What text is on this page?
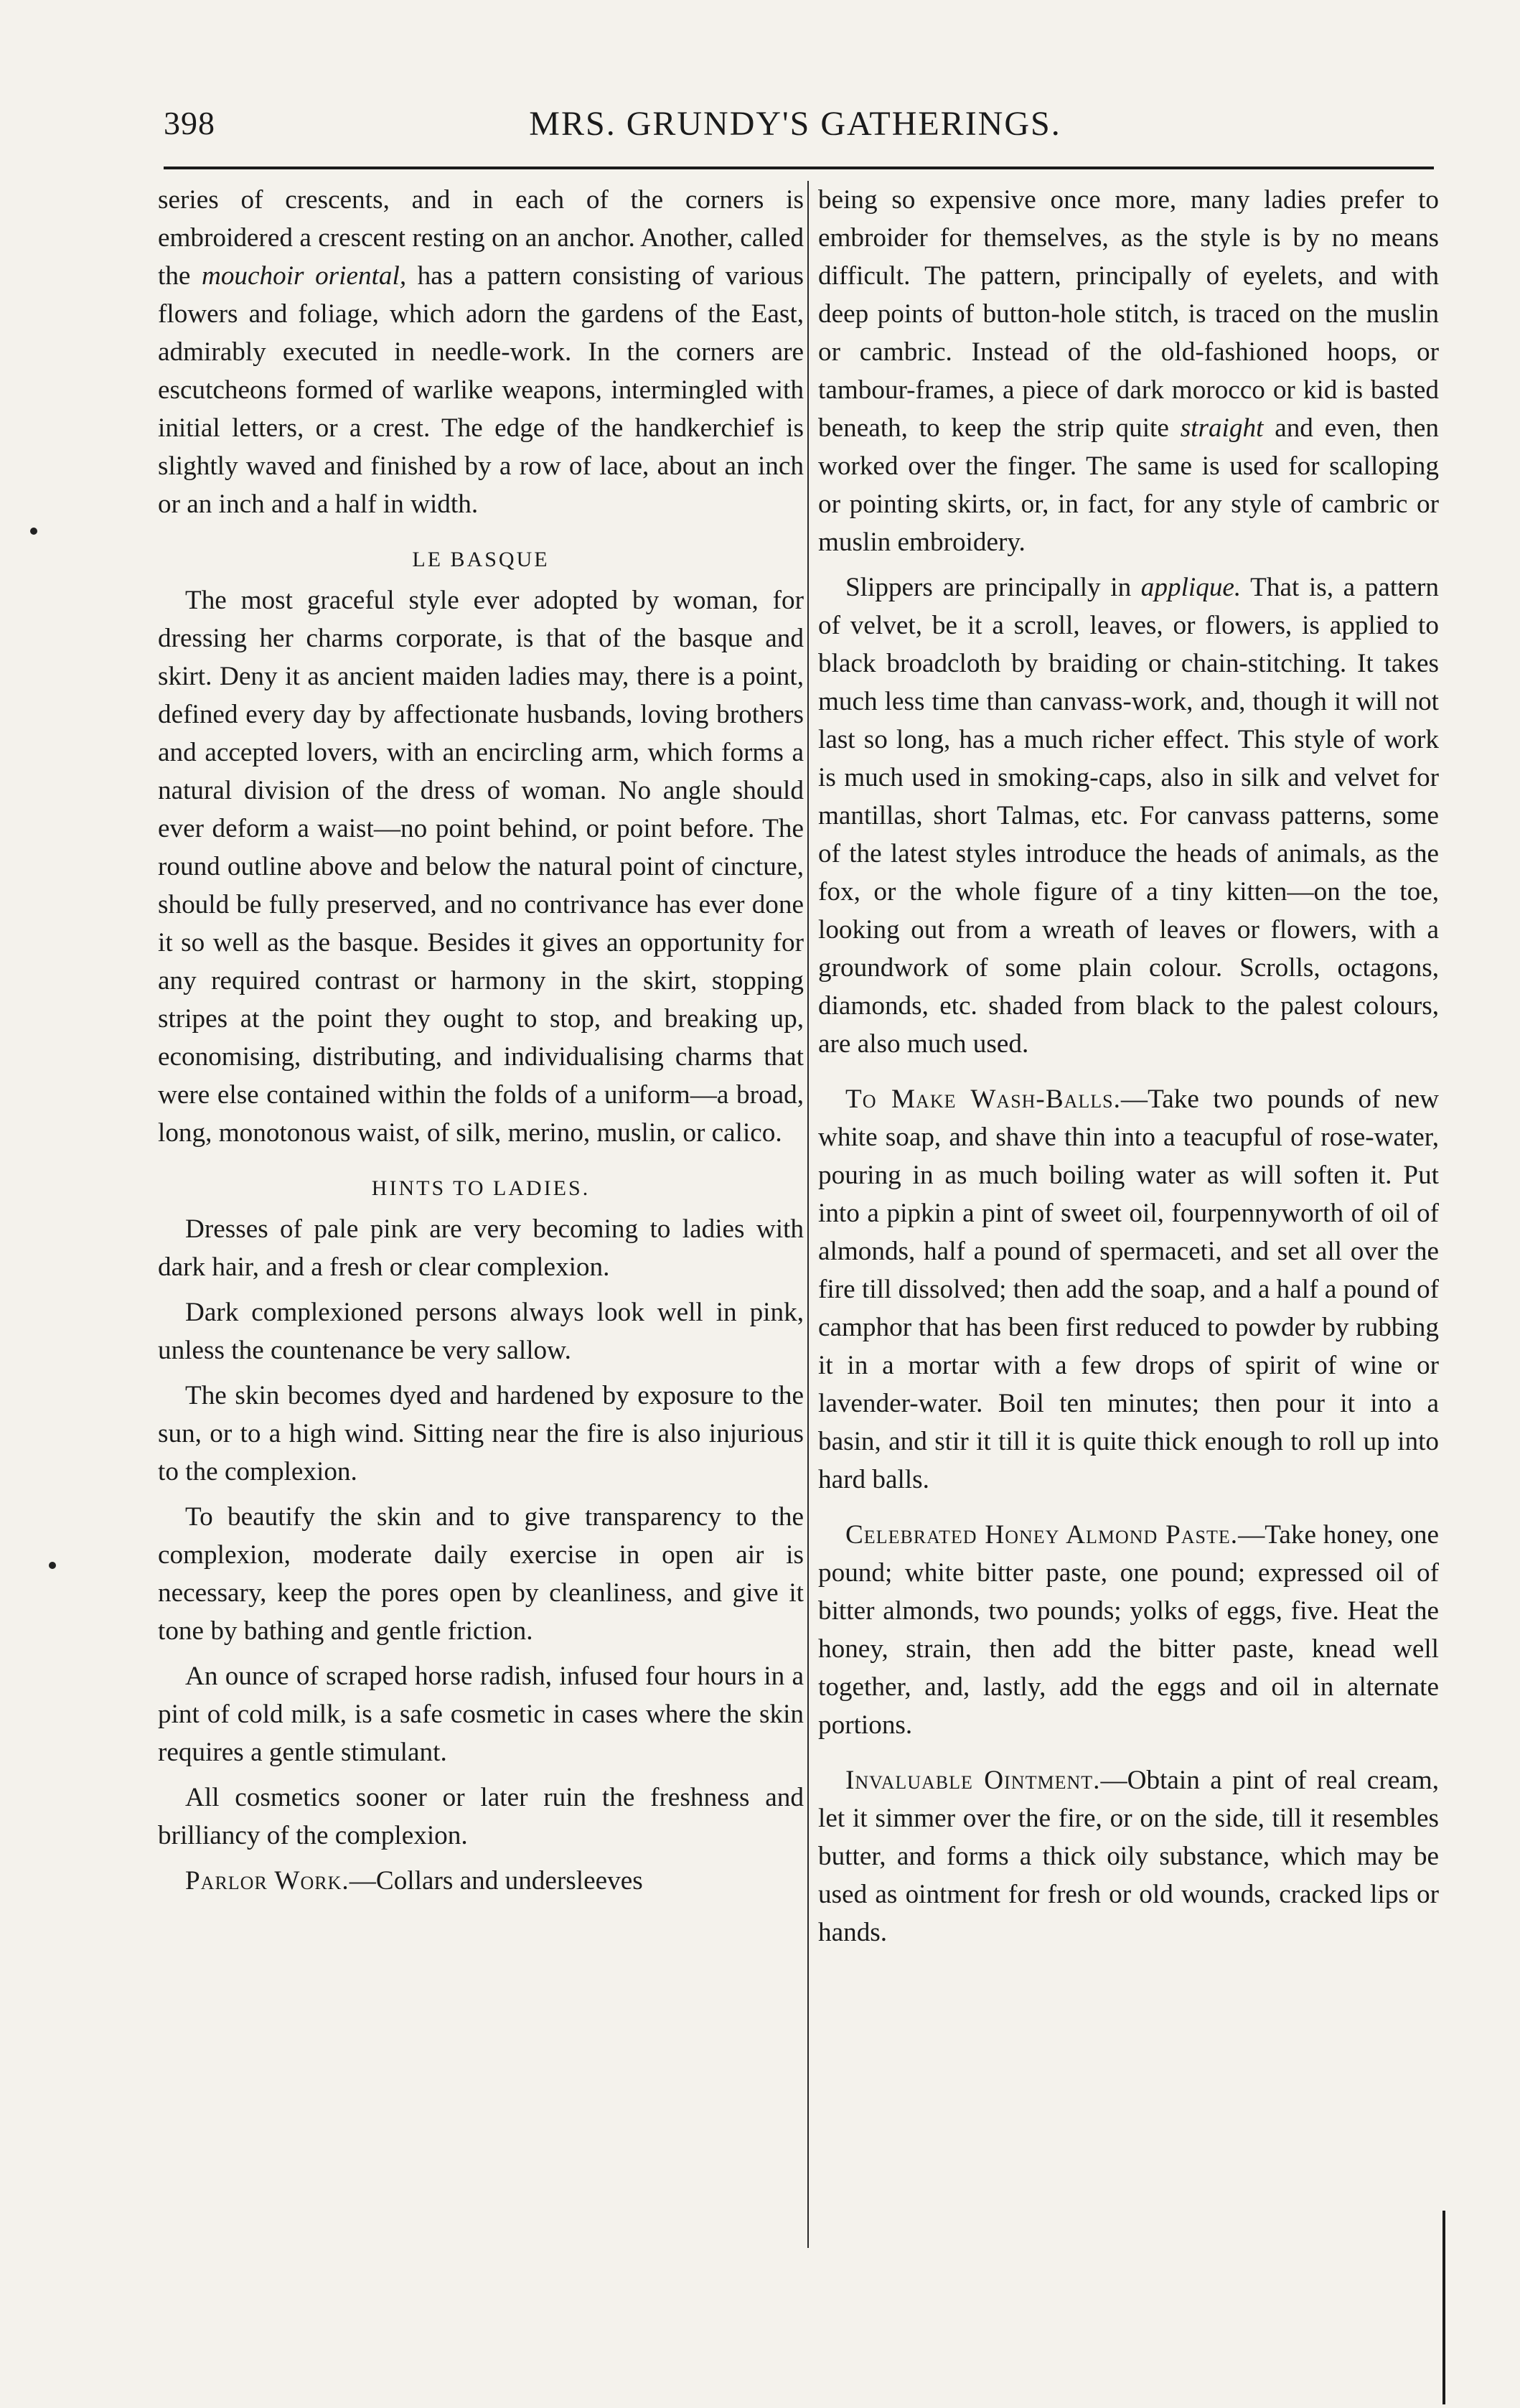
398	MRS. GRUNDY'S GATHERINGS.

series of crescents, and in each of the corners is embroidered a crescent resting on an anchor. Another, called the mouchoir oriental, has a pattern consisting of various flowers and foliage, which adorn the gardens of the East, admirably executed in needle-work. In the corners are escutcheons formed of warlike weapons, intermingled with initial letters, or a crest. The edge of the handkerchief is slightly waved and finished by a row of lace, about an inch or an inch and a half in width.

LE BASQUE

The most graceful style ever adopted by woman, for dressing her charms corporate, is that of the basque and skirt. Deny it as ancient maiden ladies may, there is a point, defined every day by affectionate husbands, loving brothers and accepted lovers, with an encircling arm, which forms a natural division of the dress of woman. No angle should ever deform a waist—no point behind, or point before. The round outline above and below the natural point of cincture, should be fully preserved, and no contrivance has ever done it so well as the basque. Besides it gives an opportunity for any required contrast or harmony in the skirt, stopping stripes at the point they ought to stop, and breaking up, economising, distributing, and individualising charms that were else contained within the folds of a uniform—a broad, long, monotonous waist, of silk, merino, muslin, or calico.

HINTS TO LADIES.

Dresses of pale pink are very becoming to ladies with dark hair, and a fresh or clear complexion.

Dark complexioned persons always look well in pink, unless the countenance be very sallow.

The skin becomes dyed and hardened by exposure to the sun, or to a high wind. Sitting near the fire is also injurious to the complexion.

To beautify the skin and to give transparency to the complexion, moderate daily exercise in open air is necessary, keep the pores open by cleanliness, and give it tone by bathing and gentle friction.

An ounce of scraped horse radish, infused four hours in a pint of cold milk, is a safe cosmetic in cases where the skin requires a gentle stimulant.

All cosmetics sooner or later ruin the freshness and brilliancy of the complexion.

Parlor Work.—Collars and undersleeves

being so expensive once more, many ladies prefer to embroider for themselves, as the style is by no means difficult. The pattern, principally of eyelets, and with deep points of button-hole stitch, is traced on the muslin or cambric. Instead of the old-fashioned hoops, or tambour-frames, a piece of dark morocco or kid is basted beneath, to keep the strip quite straight and even, then worked over the finger. The same is used for scalloping or pointing skirts, or, in fact, for any style of cambric or muslin embroidery.

Slippers are principally in applique. That is, a pattern of velvet, be it a scroll, leaves, or flowers, is applied to black broadcloth by braiding or chain-stitching. It takes much less time than canvass-work, and, though it will not last so long, has a much richer effect. This style of work is much used in smoking-caps, also in silk and velvet for mantillas, short Talmas, etc. For canvass patterns, some of the latest styles introduce the heads of animals, as the fox, or the whole figure of a tiny kitten—on the toe, looking out from a wreath of leaves or flowers, with a groundwork of some plain colour. Scrolls, octagons, diamonds, etc. shaded from black to the palest colours, are also much used.

To Make Wash-Balls.—Take two pounds of new white soap, and shave thin into a teacupful of rose-water, pouring in as much boiling water as will soften it. Put into a pipkin a pint of sweet oil, fourpennyworth of oil of almonds, half a pound of spermaceti, and set all over the fire till dissolved; then add the soap, and a half a pound of camphor that has been first reduced to powder by rubbing it in a mortar with a few drops of spirit of wine or lavender-water. Boil ten minutes; then pour it into a basin, and stir it till it is quite thick enough to roll up into hard balls.

Celebrated Honey Almond Paste.—Take honey, one pound; white bitter paste, one pound; expressed oil of bitter almonds, two pounds; yolks of eggs, five. Heat the honey, strain, then add the bitter paste, knead well together, and, lastly, add the eggs and oil in alternate portions.

Invaluable Ointment.—Obtain a pint of real cream, let it simmer over the fire, or on the side, till it resembles butter, and forms a thick oily substance, which may be used as ointment for fresh or old wounds, cracked lips or hands.
